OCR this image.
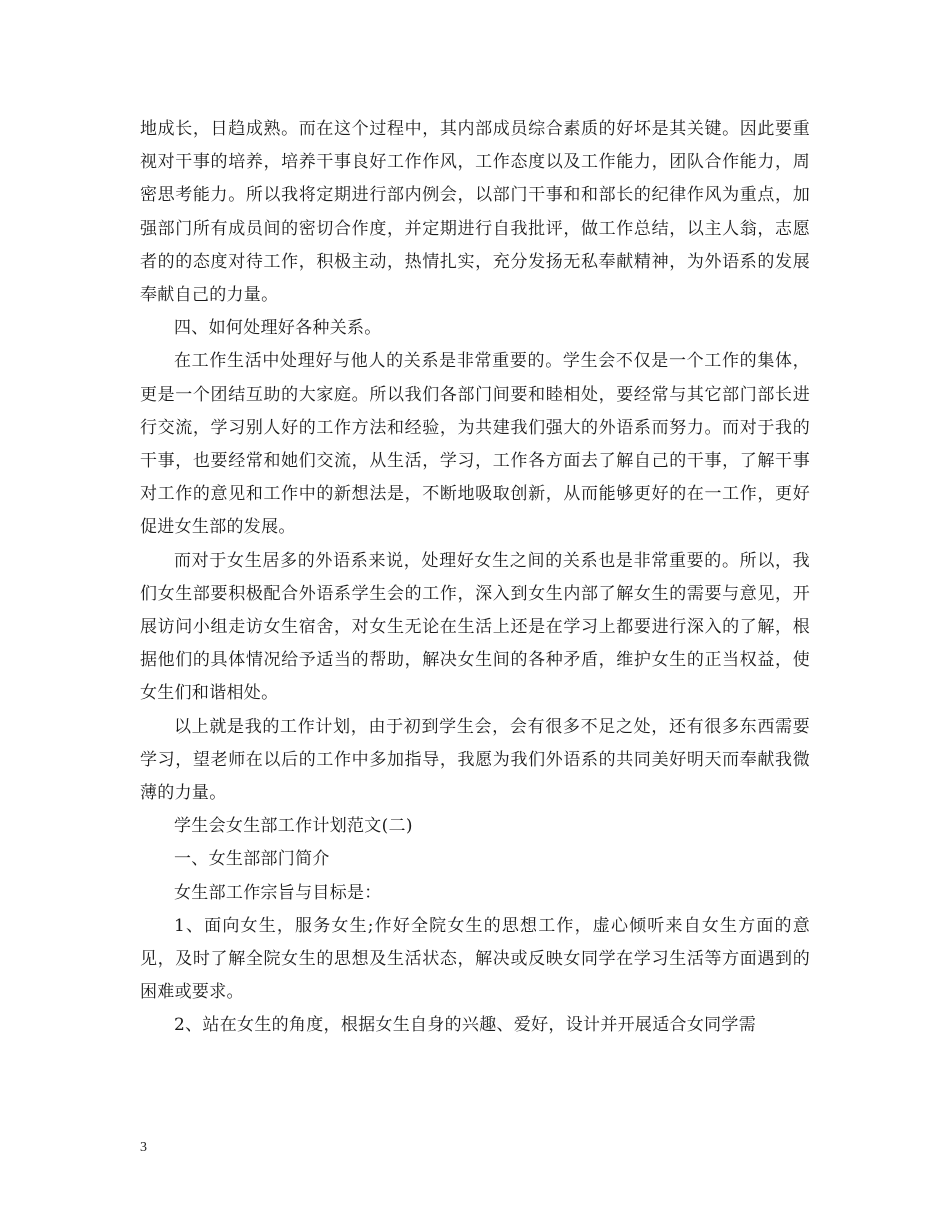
地成长，日趋成熟。而在这个过程中，其内部成员综合素质的好坏是其关键。因此要重视对干事的培养，培养干事良好工作作风，工作态度以及工作能力，团队合作能力，周密思考能力。所以我将定期进行部内例会，以部门干事和和部长的纪律作风为重点，加强部门所有成员间的密切合作度，并定期进行自我批评，做工作总结，以主人翁，志愿者的的态度对待工作，积极主动，热情扎实，充分发扬无私奉献精神，为外语系的发展奉献自己的力量。

四、如何处理好各种关系。

在工作生活中处理好与他人的关系是非常重要的。学生会不仅是一个工作的集体，更是一个团结互助的大家庭。所以我们各部门间要和睦相处，要经常与其它部门部长进行交流，学习别人好的工作方法和经验，为共建我们强大的外语系而努力。而对于我的干事，也要经常和她们交流，从生活，学习，工作各方面去了解自己的干事，了解干事对工作的意见和工作中的新想法是，不断地吸取创新，从而能够更好的在一工作，更好促进女生部的发展。

而对于女生居多的外语系来说，处理好女生之间的关系也是非常重要的。所以，我们女生部要积极配合外语系学生会的工作，深入到女生内部了解女生的需要与意见，开展访问小组走访女生宿舍，对女生无论在生活上还是在学习上都要进行深入的了解，根据他们的具体情况给予适当的帮助，解决女生间的各种矛盾，维护女生的正当权益，使女生们和谐相处。

以上就是我的工作计划，由于初到学生会，会有很多不足之处，还有很多东西需要学习，望老师在以后的工作中多加指导，我愿为我们外语系的共同美好明天而奉献我微薄的力量。

学生会女生部工作计划范文(二)

一、女生部部门简介

女生部工作宗旨与目标是：

1、面向女生，服务女生;作好全院女生的思想工作，虚心倾听来自女生方面的意见，及时了解全院女生的思想及生活状态，解决或反映女同学在学习生活等方面遇到的困难或要求。

2、站在女生的角度，根据女生自身的兴趣、爱好，设计并开展适合女同学需

3
